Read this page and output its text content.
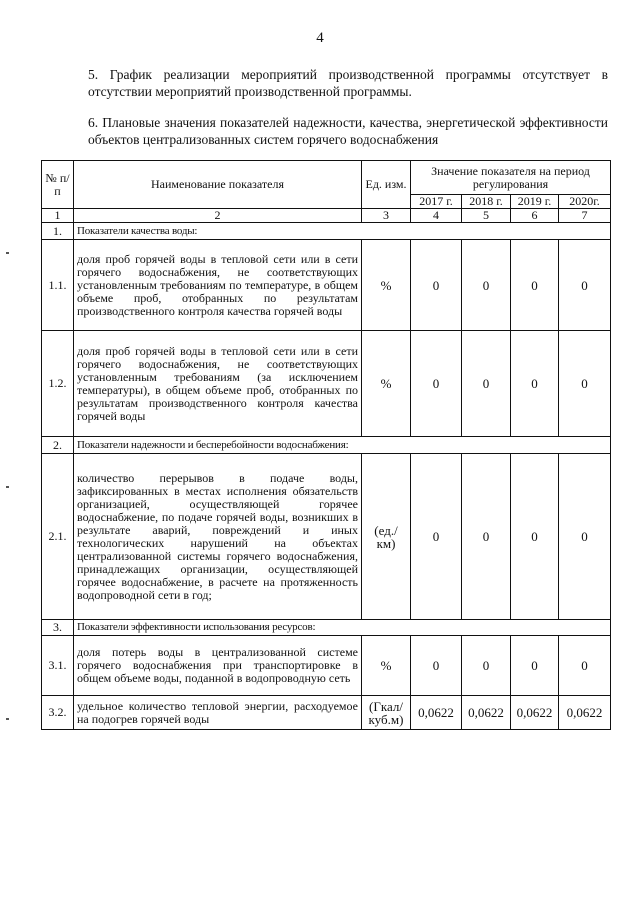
4
5. График реализации мероприятий производственной программы отсутствует в отсутствии мероприятий производственной программы.
6. Плановые значения показателей надежности, качества, энергетической эффективности объектов централизованных систем горячего водоснабжения
№ п/п	Наименование показателя	Ед. изм.	Значение показателя на период регулирования			
			2017 г.	2018 г.	2019 г.	2020г.
1	2	3	4	5	6	7
1.	Показатели качества воды:					
1.1.	доля проб горячей воды в тепловой сети или в сети горячего водоснабжения, не соответствующих установленным требованиям по температуре, в общем объеме проб, отобранных по результатам производственного контроля качества горячей воды	%	0	0	0	0
1.2.	доля проб горячей воды в тепловой сети или в сети горячего водоснабжения, не соответствующих установленным требованиям (за исключением температуры), в общем объеме проб, отобранных по результатам производственного контроля качества горячей воды	%	0	0	0	0
2.	Показатели надежности и бесперебойности водоснабжения:					
2.1.	количество перерывов в подаче воды, зафиксированных в местах исполнения обязательств организацией, осуществляющей горячее водоснабжение, по подаче горячей воды, возникших в результате аварий, повреждений и иных технологических нарушений на объектах централизованной системы горячего водоснабжения, принадлежащих организации, осуществляющей горячее водоснабжение, в расчете на протяженность водопроводной сети в год;	(ед./ км)	0	0	0	0
3.	Показатели эффективности использования ресурсов:					
3.1.	доля потерь воды в централизованной системе горячего водоснабжения при транспортировке в общем объеме воды, поданной в водопроводную сеть	%	0	0	0	0
3.2.	удельное количество тепловой энергии, расходуемое на подогрев горячей воды	(Гкал/ куб.м)	0,0622	0,0622	0,0622	0,0622
